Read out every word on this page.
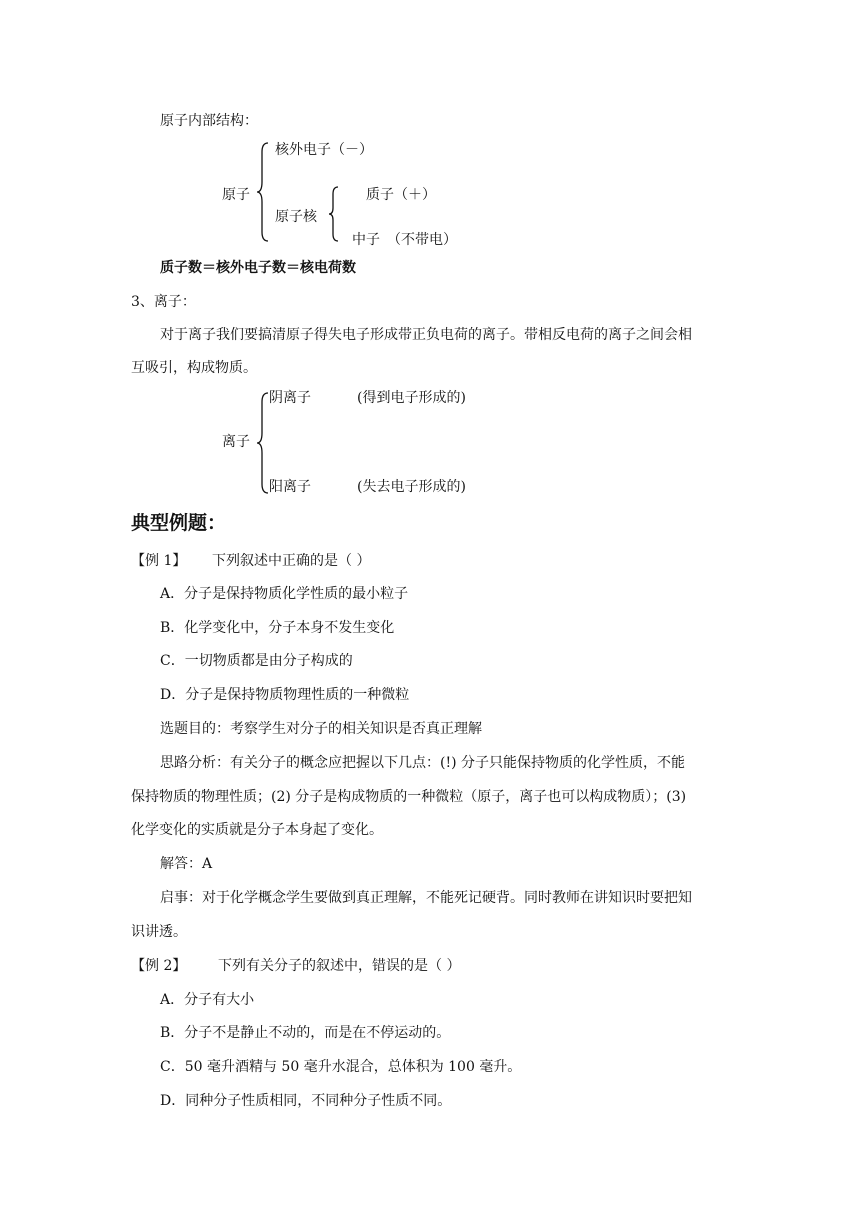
原子内部结构：
原子
核外电子（－）
原子核
质子（＋）
中子　（不带电）
质子数＝核外电子数＝核电荷数
3、离子：
对于离子我们要搞清原子得失电子形成带正负电荷的离子。带相反电荷的离子之间会相
互吸引，构成物质。
离子
阴离子	(得到电子形成的)
阳离子	(失去电子形成的)
典型例题：
【例 1】 下列叙述中正确的是（ ）
A．分子是保持物质化学性质的最小粒子
B．化学变化中，分子本身不发生变化
C．一切物质都是由分子构成的
D．分子是保持物质物理性质的一种微粒
选题目的：考察学生对分子的相关知识是否真正理解
思路分析：有关分子的概念应把握以下几点：(!) 分子只能保持物质的化学性质，不能
保持物质的物理性质；(2) 分子是构成物质的一种微粒（原子，离子也可以构成物质）；(3)
化学变化的实质就是分子本身起了变化。
解答：A
启事：对于化学概念学生要做到真正理解，不能死记硬背。同时教师在讲知识时要把知
识讲透。
【例 2】 下列有关分子的叙述中，错误的是（ ）
A．分子有大小
B．分子不是静止不动的，而是在不停运动的。
C．50 毫升酒精与 50 毫升水混合，总体积为 100 毫升。
D．同种分子性质相同，不同种分子性质不同。
